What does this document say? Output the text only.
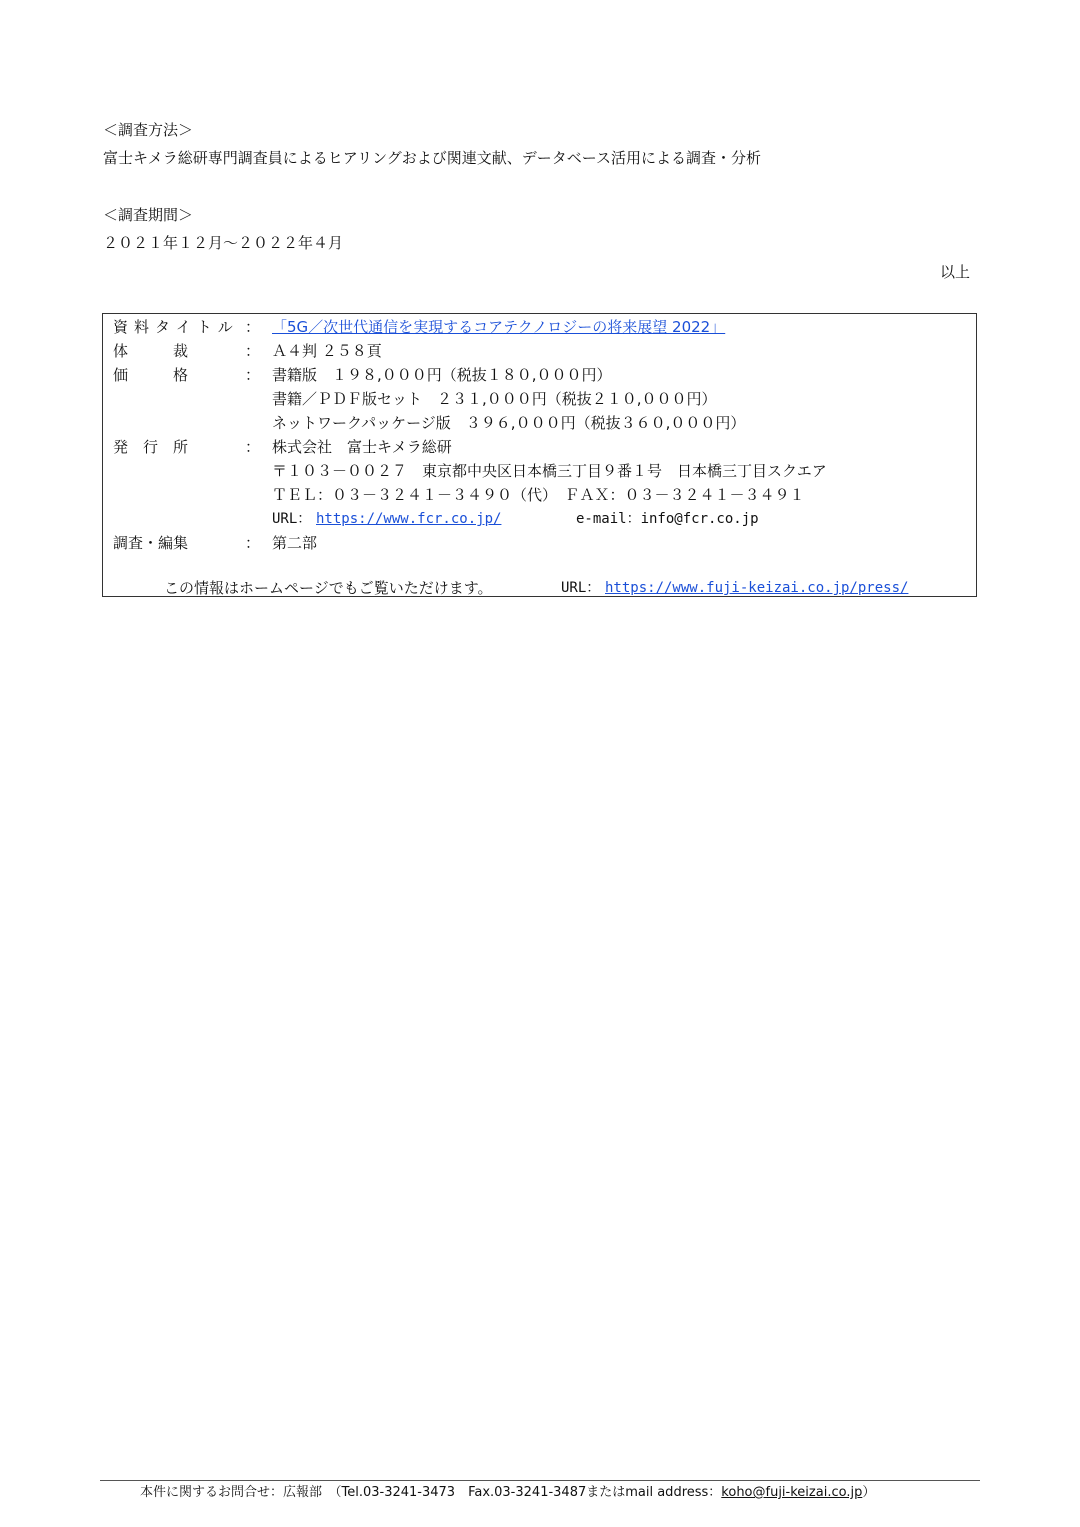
＜調査方法＞
富士キメラ総研専門調査員によるヒアリングおよび関連文献、データベース活用による調査・分析
＜調査期間＞
２０２１年１２月～２０２２年４月
以上
資料タイトル ： 「5G／次世代通信を実現するコアテクノロジーの将来展望 2022」
体　　　裁	： Ａ４判 ２５８頁
価　　　格	： 書籍版　１９８,０００円（税抜１８０,０００円）
書籍／ＰＤＦ版セット　２３１,０００円（税抜２１０,０００円）
ネットワークパッケージ版　３９６,０００円（税抜３６０,０００円）
発　行　所	： 株式会社　富士キメラ総研
〒１０３－００２７　東京都中央区日本橋三丁目９番１号　日本橋三丁目スクエア
ＴＥＬ：０３－３２４１－３４９０（代）　ＦＡＸ：０３－３２４１－３４９１
URL： https://www.fcr.co.jp/	e-mail：info@fcr.co.jp
調査・編集	： 第二部
この情報はホームページでもご覧いただけます。	URL： https://www.fuji-keizai.co.jp/press/
本件に関するお問合せ：広報部　（Tel.03-3241-3473　Fax.03-3241-3487またはmail address：koho@fuji-keizai.co.jp）
